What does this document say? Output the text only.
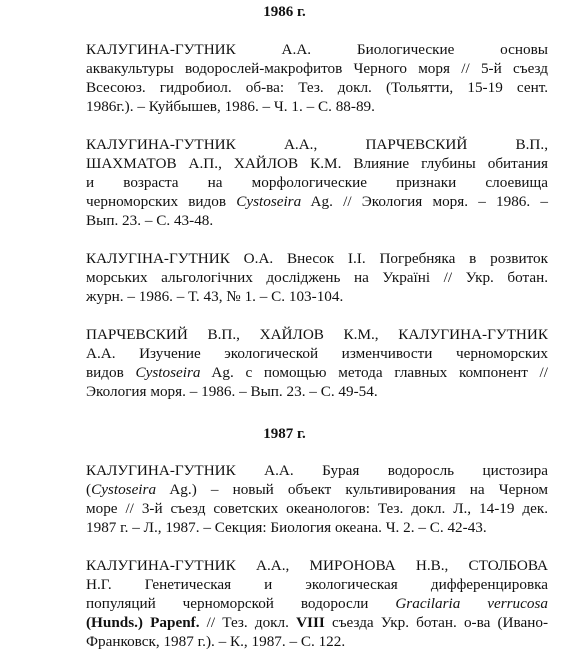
1986 г.

КАЛУГИНА-ГУТНИК А.А. Биологические основы

аквакультуры водорослей-макрофитов Черного моря // 5-й съезд

Всесоюз. гидробиол. об-ва: Тез. докл. (Тольятти, 15-19 сент.

1986г.). – Куйбышев, 1986. – Ч. 1. – С. 88-89.

КАЛУГИНА-ГУТНИК А.А., ПАРЧЕВСКИЙ В.П.,

ШАХМАТОВ А.П., ХАЙЛОВ К.М. Влияние глубины обитания

и возраста на морфологические признаки слоевища

черноморских видов Cystoseira Ag. // Экология моря. – 1986. –

Вып. 23. – С. 43-48.

КАЛУГІНА-ГУТНИК О.А. Внесок І.І. Погребняка в розвиток

морських альгологічних досліджень на Україні // Укр. ботан.

журн. – 1986. – Т. 43, № 1. – С. 103-104.

ПАРЧЕВСКИЙ В.П., ХАЙЛОВ К.М., КАЛУГИНА-ГУТНИК

А.А. Изучение экологической изменчивости черноморских

видов Cystoseira Ag. с помощью метода главных компонент //

Экология моря. – 1986. – Вып. 23. – С. 49-54.

1987 г.

КАЛУГИНА-ГУТНИК А.А. Бурая водоросль цистозира

(Cystoseira Ag.) – новый объект культивирования на Черном

море // 3-й съезд советских океанологов: Тез. докл. Л., 14-19 дек.

1987 г. – Л., 1987. – Секция: Биология океана. Ч. 2. – С. 42-43.

КАЛУГИНА-ГУТНИК А.А., МИРОНОВА Н.В., СТОЛБОВА

Н.Г. Генетическая и экологическая дифференцировка

популяций черноморской водоросли Gracilaria verrucosa

(Hunds.) Papenf. // Тез. докл. VIII съезда Укр. ботан. о-ва (Ивано-

Франковск, 1987 г.). – К., 1987. – С. 122.
